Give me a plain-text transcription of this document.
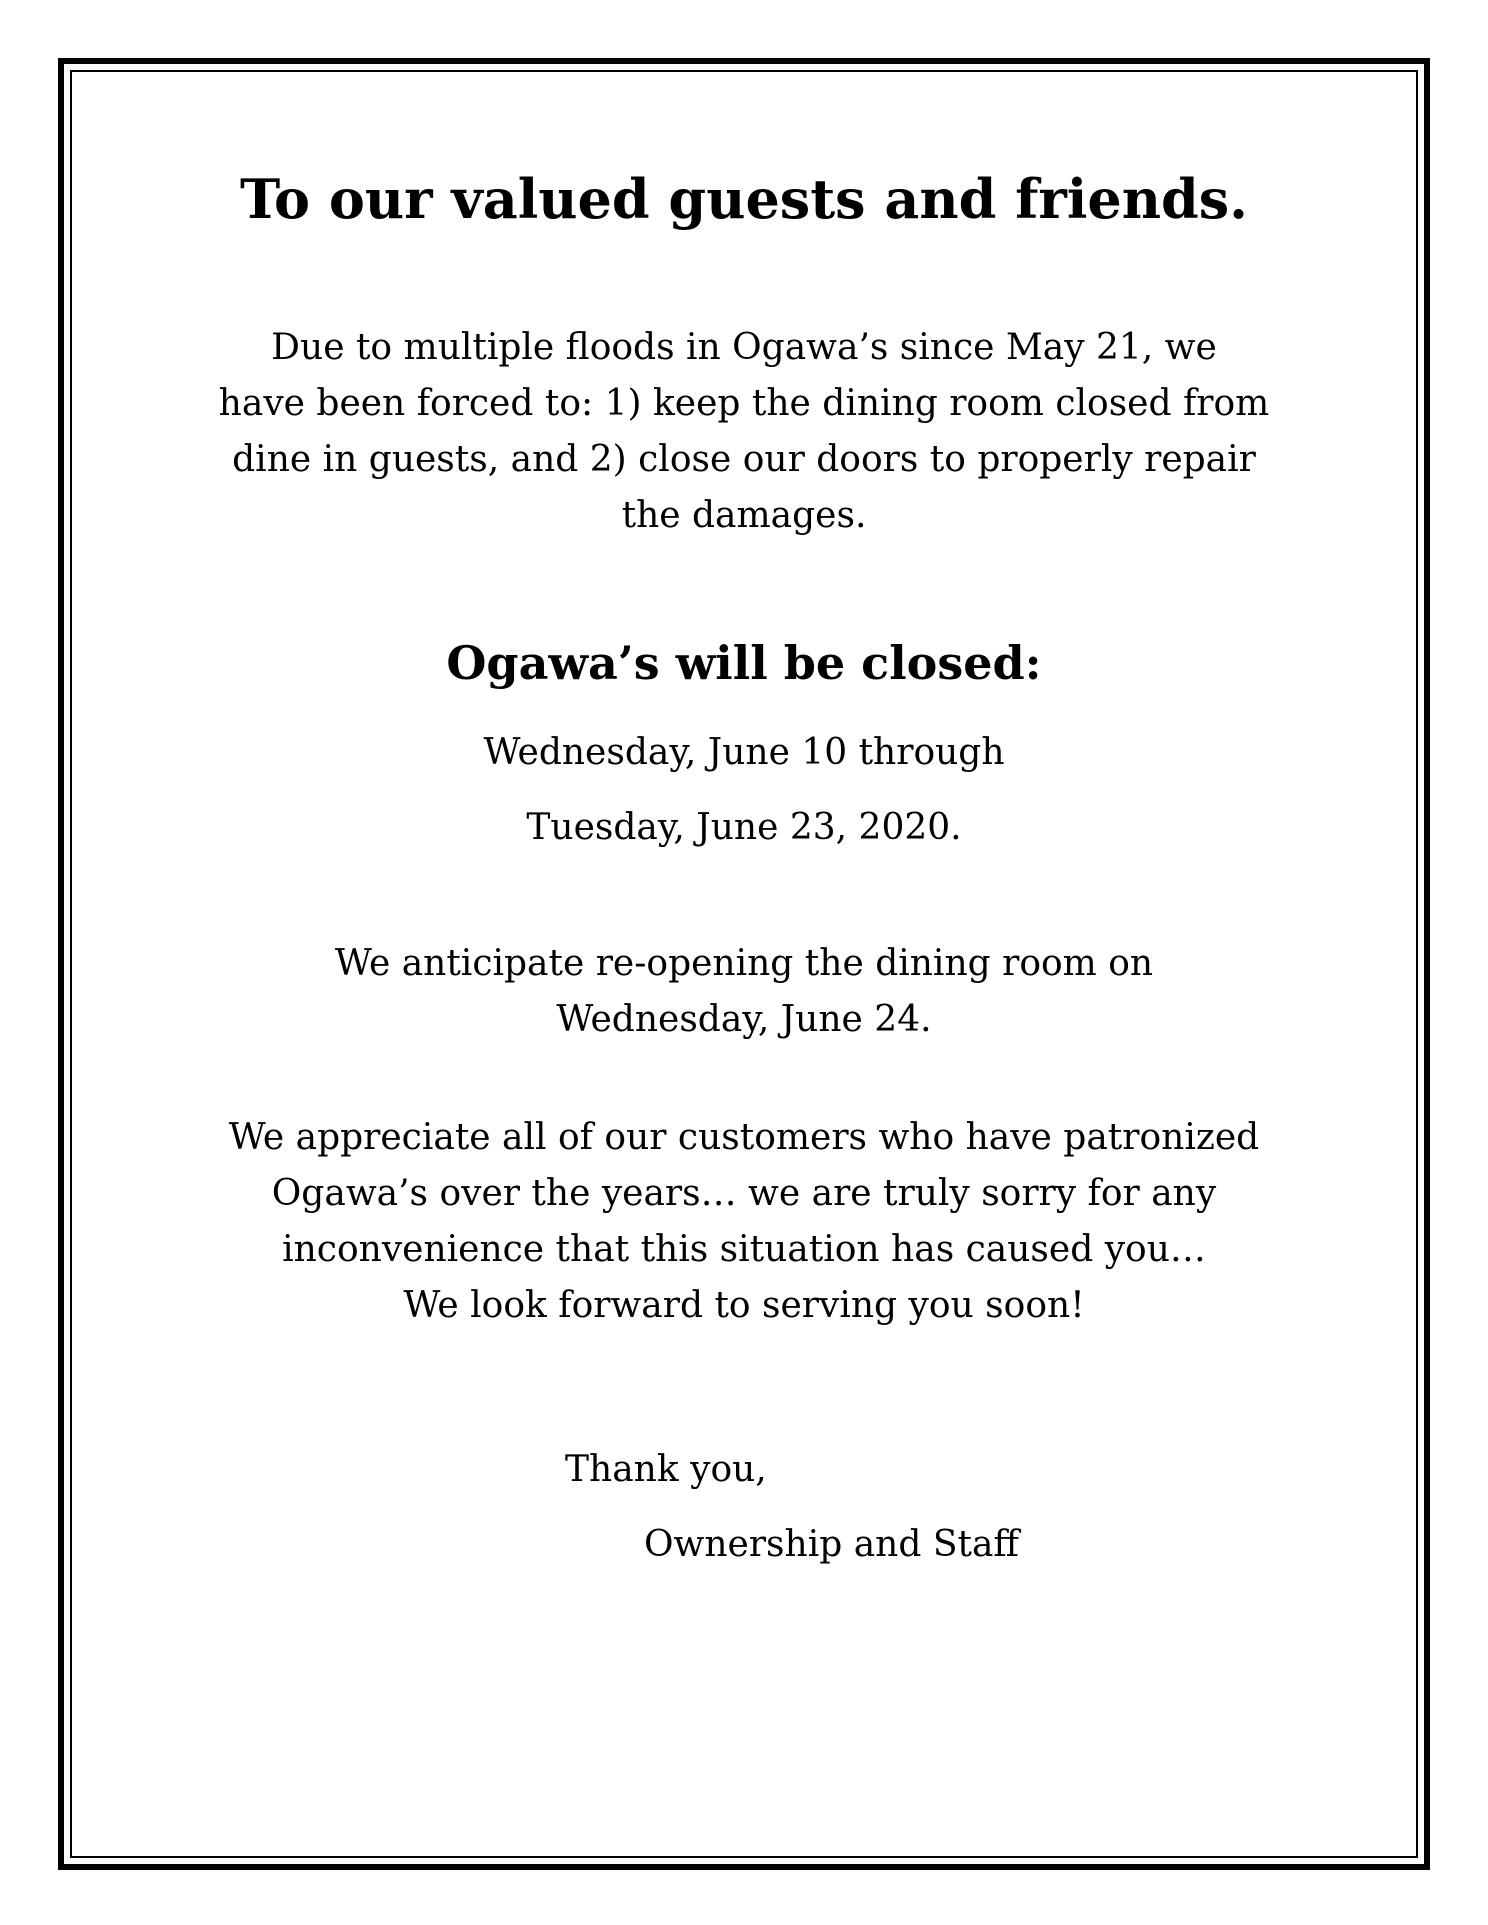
To our valued guests and friends.
Due to multiple floods in Ogawa’s since May 21, we
have been forced to: 1) keep the dining room closed from
dine in guests, and 2) close our doors to properly repair
the damages.
Ogawa’s will be closed:

Wednesday, June 10 through

Tuesday, June 23, 2020.

We anticipate re-opening the dining room on
Wednesday, June 24.
We appreciate all of our customers who have patronized
Ogawa’s over the years… we are truly sorry for any
inconvenience that this situation has caused you…
We look forward to serving you soon!

Thank you,

Ownership and Staff
